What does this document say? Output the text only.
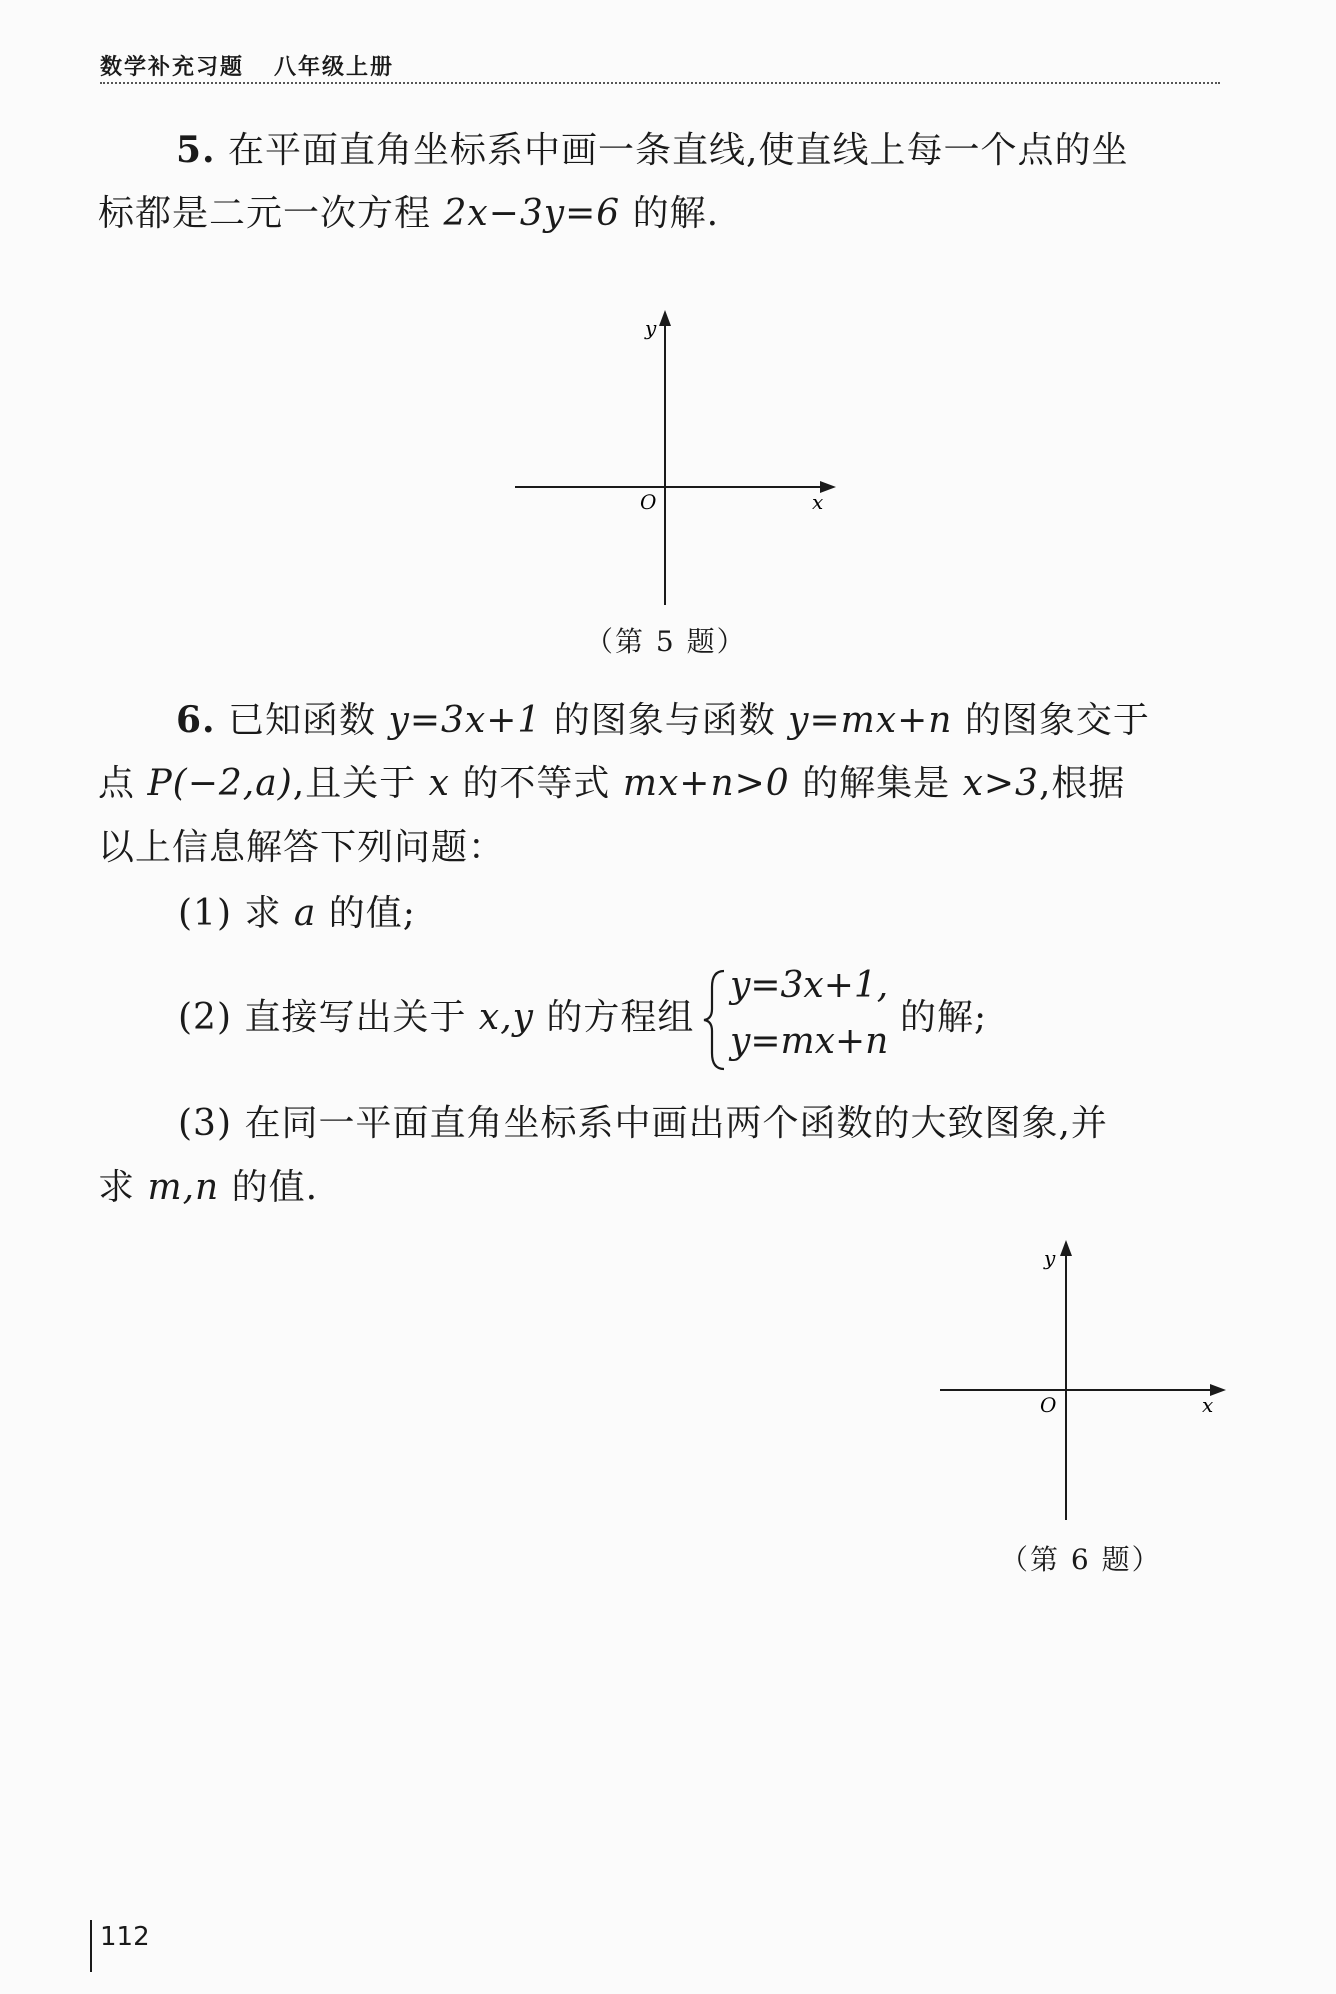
数学补充习题 八年级上册
5. 在平面直角坐标系中画一条直线,使直线上每一个点的坐
标都是二元一次方程 2x−3y=6 的解.
y
x
O
（第 5 题）
6. 已知函数 y=3x+1 的图象与函数 y=mx+n 的图象交于
点 P(−2,a),且关于 x 的不等式 mx+n>0 的解集是 x>3,根据
以上信息解答下列问题：
(1) 求 a 的值;
(2) 直接写出关于 x,y 的方程组
y=3x+1,
y=mx+n
的解;
(3) 在同一平面直角坐标系中画出两个函数的大致图象,并
求 m,n 的值.
y
x
O
（第 6 题）
112
